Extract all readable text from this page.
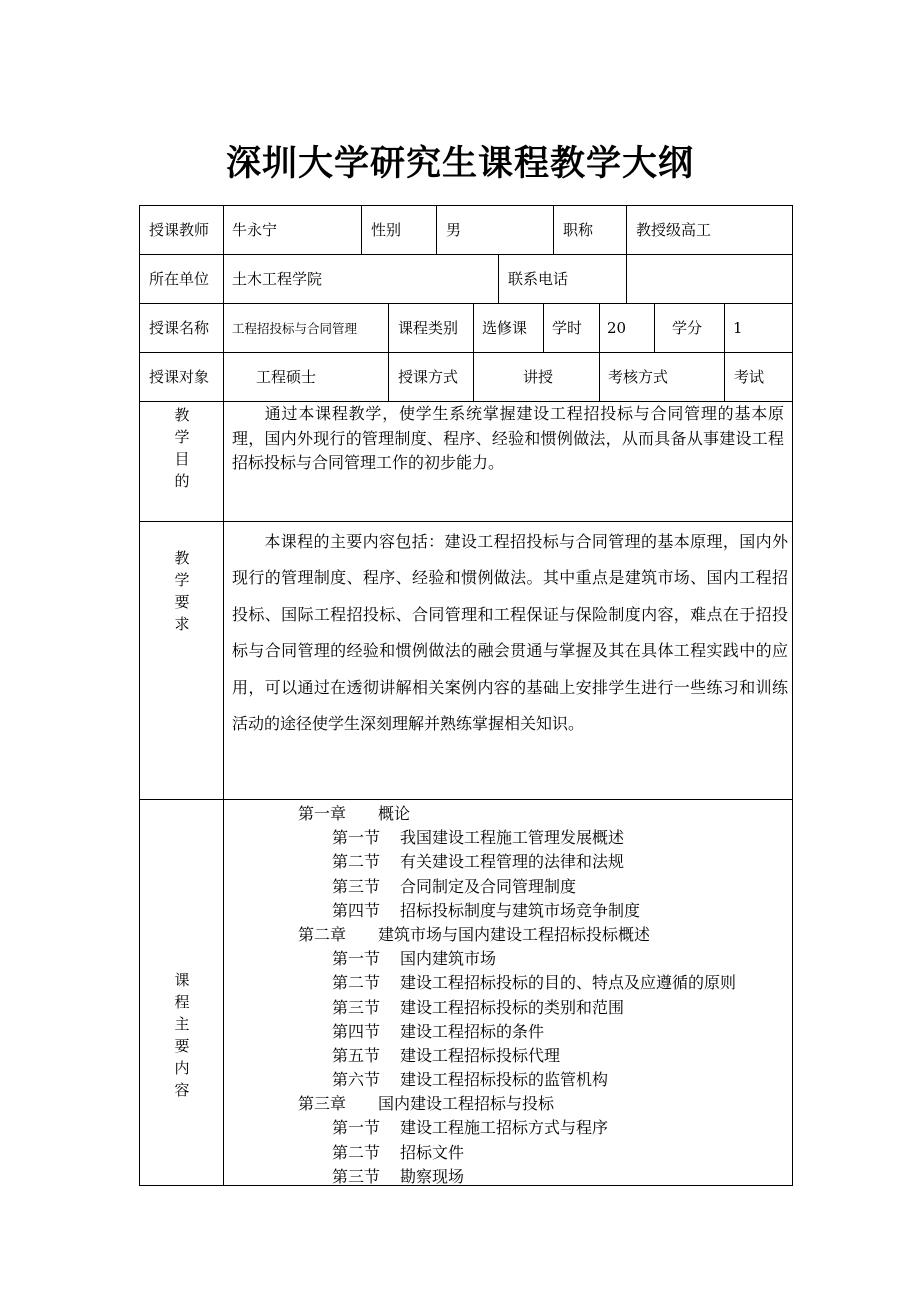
深圳大学研究生课程教学大纲
授课教师 牛永宁	性别	男	职称	教授级高工
所在单位 土木工程学院	联系电话
授课名称 工程招投标与合同管理	课程类别 选修课 学时 20	学分 1
授课对象	工程硕士	授课方式	讲授	考核方式	考试
教
学
目
的
通过本课程教学，使学生系统掌握建设工程招投标与合同管理的基本原理，国内外现行的管理制度、程序、经验和惯例做法，从而具备从事建设工程招标投标与合同管理工作的初步能力。
教
学
要
求
本课程的主要内容包括：建设工程招投标与合同管理的基本原理，国内外现行的管理制度、程序、经验和惯例做法。其中重点是建筑市场、国内工程招投标、国际工程招投标、合同管理和工程保证与保险制度内容，难点在于招投标与合同管理的经验和惯例做法的融会贯通与掌握及其在具体工程实践中的应用，可以通过在透彻讲解相关案例内容的基础上安排学生进行一些练习和训练活动的途径使学生深刻理解并熟练掌握相关知识。
课
程
主
要
内
容
第一章 概论
第一节 我国建设工程施工管理发展概述
第二节 有关建设工程管理的法律和法规
第三节 合同制定及合同管理制度
第四节 招标投标制度与建筑市场竞争制度
第二章 建筑市场与国内建设工程招标投标概述
第一节 国内建筑市场
第二节 建设工程招标投标的目的、特点及应遵循的原则
第三节 建设工程招标投标的类别和范围
第四节 建设工程招标的条件
第五节 建设工程招标投标代理
第六节 建设工程招标投标的监管机构
第三章 国内建设工程招标与投标
第一节 建设工程施工招标方式与程序
第二节 招标文件
第三节 勘察现场
